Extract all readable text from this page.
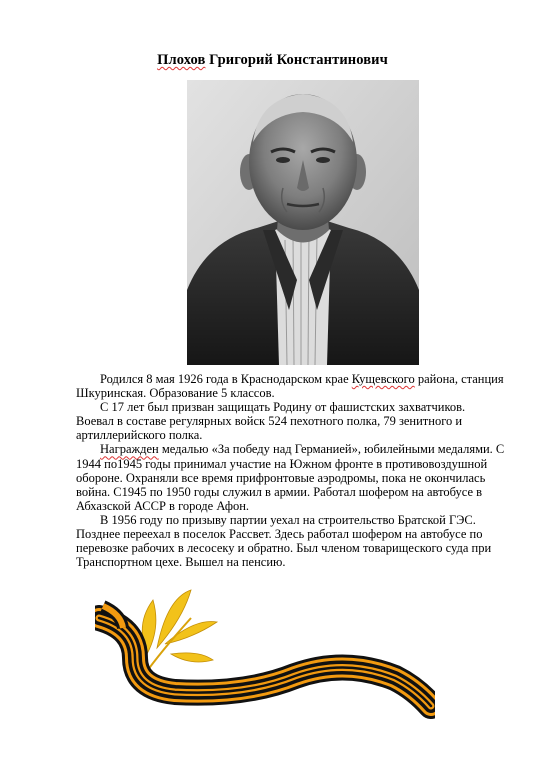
Плохов Григорий Константинович

Родился 8 мая 1926 года в Краснодарском крае Кущевского района, станция Шкуринская. Образование 5 классов.

С 17 лет был призван защищать Родину от фашистских захватчиков. Воевал в составе регулярных войск 524 пехотного полка, 79 зенитного и артиллерийского полка.

Награжден медалью «За победу над Германией», юбилейными медалями. С 1944 по1945 годы принимал участие на Южном фронте в противовоздушной обороне. Охраняли все время прифронтовые аэродромы, пока не окончилась война. С1945 по 1950 годы служил в армии. Работал шофером на автобусе в Абхазской АССР в городе Афон.

В 1956 году по призыву партии уехал на строительство Братской ГЭС. Позднее переехал в поселок Рассвет. Здесь работал шофером на автобусе по перевозке рабочих в лесосеку и обратно. Был членом товарищеского суда при Транспортном цехе. Вышел на пенсию.
